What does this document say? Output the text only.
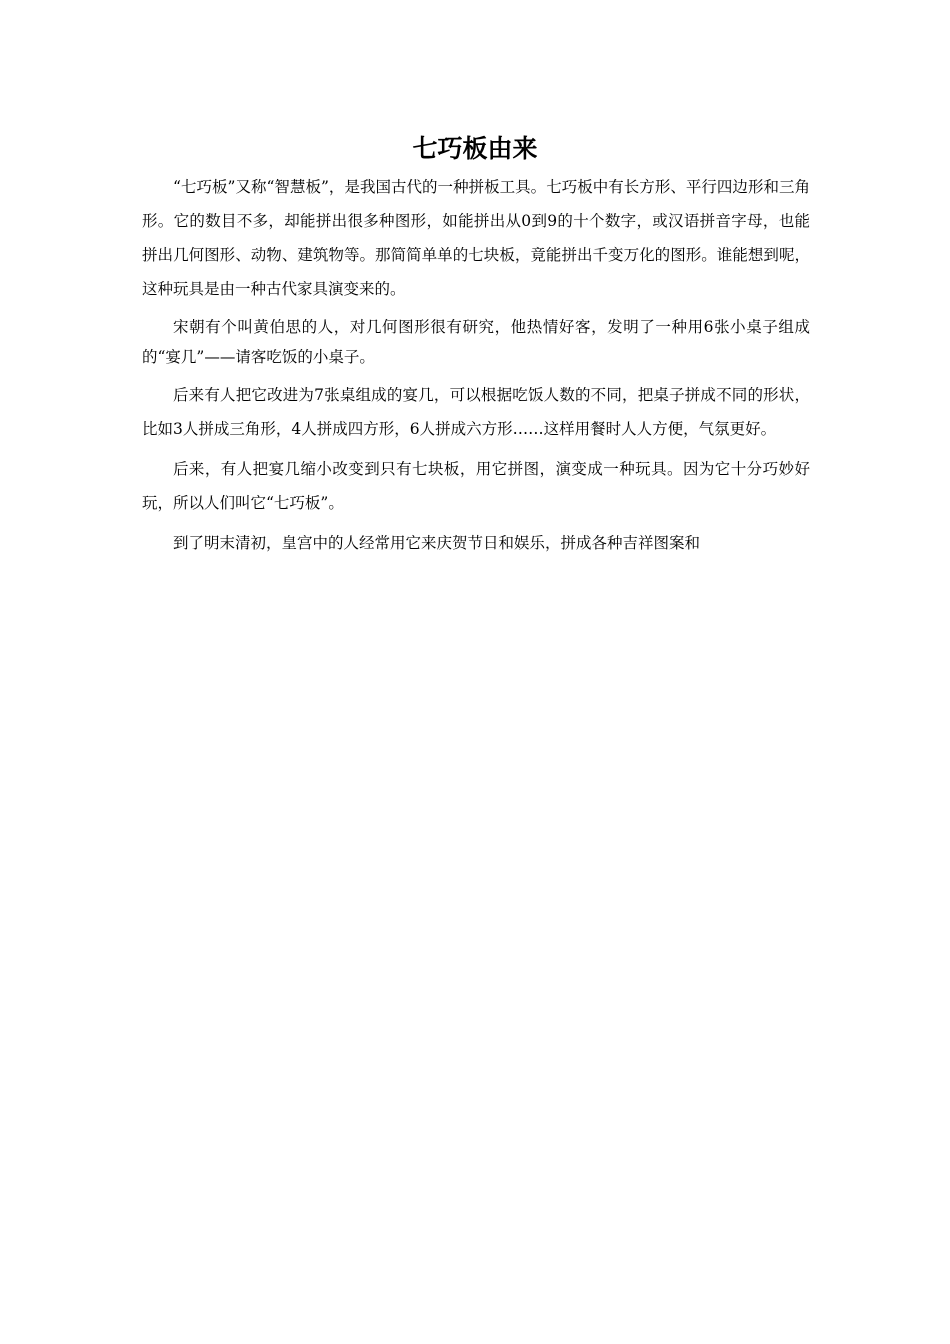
七巧板由来

“七巧板”又称“智慧板”，是我国古代的一种拼板工具。七巧板中有长方形、平行四边形和三角形。它的数目不多，却能拼出很多种图形，如能拼出从0到9的十个数字，或汉语拼音字母，也能拼出几何图形、动物、建筑物等。那简简单单的七块板，竟能拼出千变万化的图形。谁能想到呢，这种玩具是由一种古代家具演变来的。

宋朝有个叫黄伯思的人，对几何图形很有研究，他热情好客，发明了一种用6张小桌子组成的“宴几”——请客吃饭的小桌子。

后来有人把它改进为7张桌组成的宴几，可以根据吃饭人数的不同，把桌子拼成不同的形状，比如3人拼成三角形，4人拼成四方形，6人拼成六方形……这样用餐时人人方便，气氛更好。

后来，有人把宴几缩小改变到只有七块板，用它拼图，演变成一种玩具。因为它十分巧妙好玩，所以人们叫它“七巧板”。

到了明末清初，皇宫中的人经常用它来庆贺节日和娱乐，拼成各种吉祥图案和
